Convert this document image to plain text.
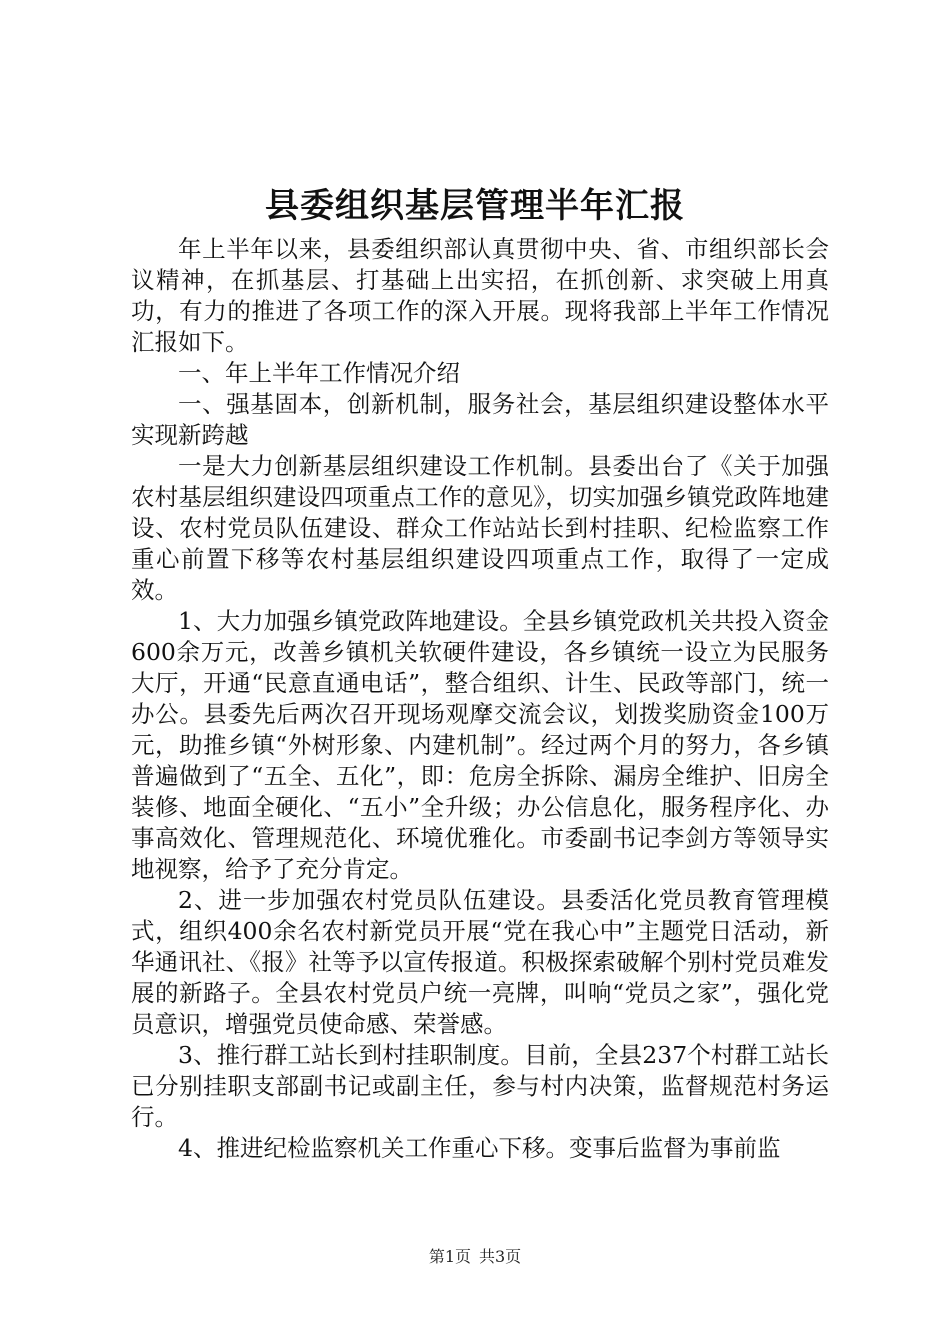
县委组织基层管理半年汇报

年上半年以来，县委组织部认真贯彻中央、省、市组织部长会议精神，在抓基层、打基础上出实招，在抓创新、求突破上用真功，有力的推进了各项工作的深入开展。现将我部上半年工作情况汇报如下。

一、年上半年工作情况介绍

一、强基固本，创新机制，服务社会，基层组织建设整体水平实现新跨越

一是大力创新基层组织建设工作机制。县委出台了《关于加强农村基层组织建设四项重点工作的意见》，切实加强乡镇党政阵地建设、农村党员队伍建设、群众工作站站长到村挂职、纪检监察工作重心前置下移等农村基层组织建设四项重点工作，取得了一定成效。

1、大力加强乡镇党政阵地建设。全县乡镇党政机关共投入资金600余万元，改善乡镇机关软硬件建设，各乡镇统一设立为民服务大厅，开通“民意直通电话”，整合组织、计生、民政等部门，统一办公。县委先后两次召开现场观摩交流会议，划拨奖励资金100万元，助推乡镇“外树形象、内建机制”。经过两个月的努力，各乡镇普遍做到了“五全、五化”，即：危房全拆除、漏房全维护、旧房全装修、地面全硬化、“五小”全升级；办公信息化，服务程序化、办事高效化、管理规范化、环境优雅化。市委副书记李剑方等领导实地视察，给予了充分肯定。

2、进一步加强农村党员队伍建设。县委活化党员教育管理模式，组织400余名农村新党员开展“党在我心中”主题党日活动，新华通讯社、《报》社等予以宣传报道。积极探索破解个别村党员难发展的新路子。全县农村党员户统一亮牌，叫响“党员之家”，强化党员意识，增强党员使命感、荣誉感。

3、推行群工站长到村挂职制度。目前，全县237个村群工站长已分别挂职支部副书记或副主任，参与村内决策，监督规范村务运行。

4、推进纪检监察机关工作重心下移。变事后监督为事前监

第1页 共3页
